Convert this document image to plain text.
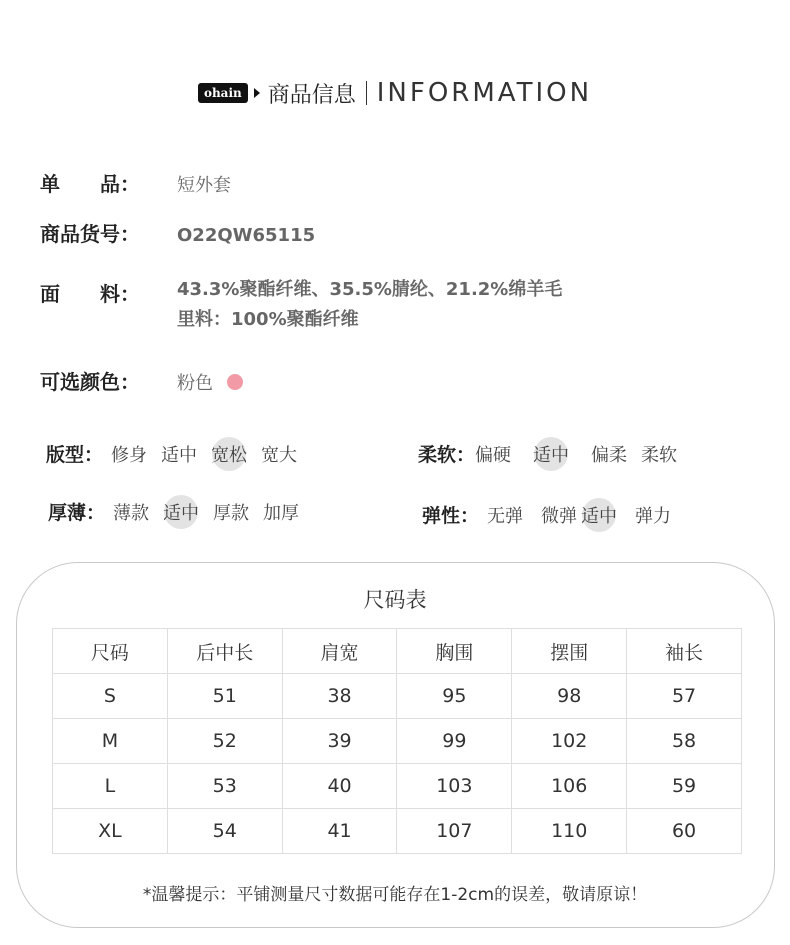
ohain 商品信息 INFORMATION
单　　品：	短外套
商品货号：	O22QW65115
面　　料：	43.3%聚酯纤维、35.5%腈纶、21.2%绵羊毛
里料：100%聚酯纤维
可选颜色：	粉色
版型： 修身 适中 宽松 宽大	柔软： 偏硬 适中 偏柔 柔软
厚薄： 薄款 适中 厚款 加厚	弹性： 无弹 微弹 适中 弹力
尺码表
尺码	后中长	肩宽	胸围	摆围	袖长
S	51	38	95	98	57
M	52	39	99	102	58
L	53	40	103	106	59
XL	54	41	107	110	60
*温馨提示：平铺测量尺寸数据可能存在1-2cm的误差，敬请原谅！
